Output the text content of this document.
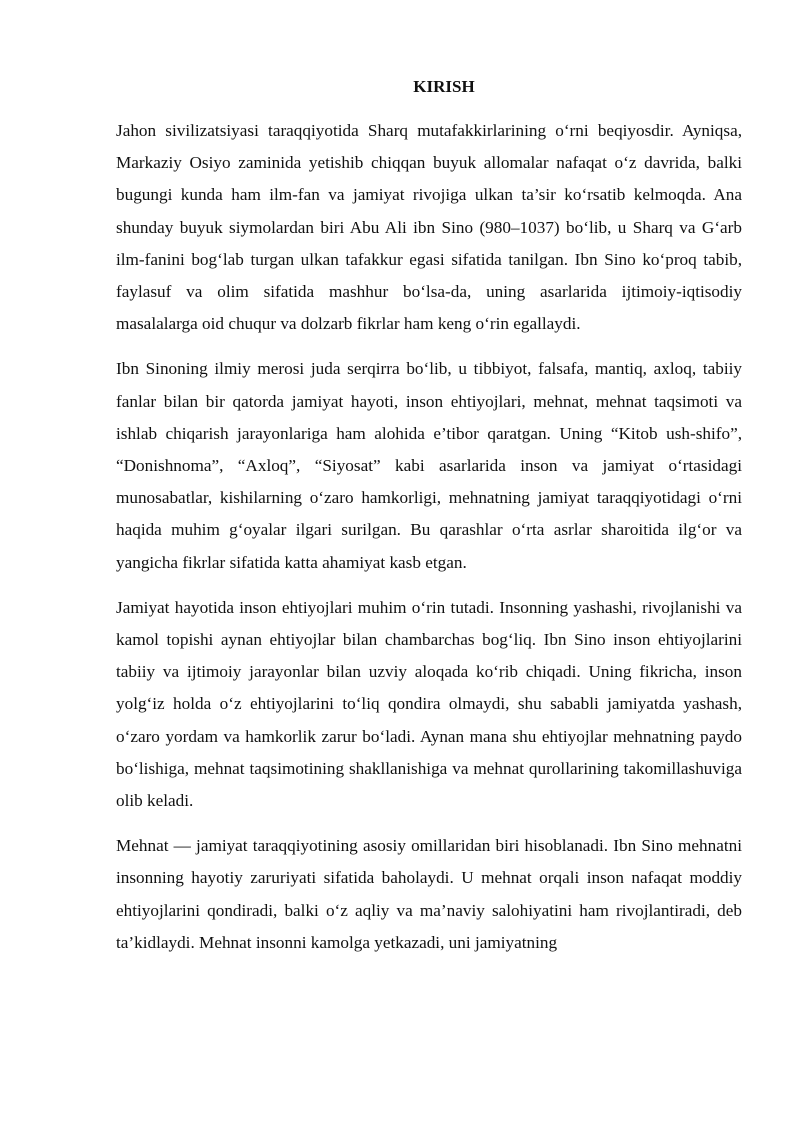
KIRISH

Jahon sivilizatsiyasi taraqqiyotida Sharq mutafakkirlarining o‘rni beqiyosdir. Ayniqsa, Markaziy Osiyo zaminida yetishib chiqqan buyuk allomalar nafaqat o‘z davrida, balki bugungi kunda ham ilm-fan va jamiyat rivojiga ulkan ta’sir ko‘rsatib kelmoqda. Ana shunday buyuk siymolardan biri Abu Ali ibn Sino (980–1037) bo‘lib, u Sharq va G‘arb ilm-fanini bog‘lab turgan ulkan tafakkur egasi sifatida tanilgan. Ibn Sino ko‘proq tabib, faylasuf va olim sifatida mashhur bo‘lsa-da, uning asarlarida ijtimoiy-iqtisodiy masalalarga oid chuqur va dolzarb fikrlar ham keng o‘rin egallaydi.

Ibn Sinoning ilmiy merosi juda serqirra bo‘lib, u tibbiyot, falsafa, mantiq, axloq, tabiiy fanlar bilan bir qatorda jamiyat hayoti, inson ehtiyojlari, mehnat, mehnat taqsimoti va ishlab chiqarish jarayonlariga ham alohida e’tibor qaratgan. Uning “Kitob ush-shifo”, “Donishnoma”, “Axloq”, “Siyosat” kabi asarlarida inson va jamiyat o‘rtasidagi munosabatlar, kishilarning o‘zaro hamkorligi, mehnatning jamiyat taraqqiyotidagi o‘rni haqida muhim g‘oyalar ilgari surilgan. Bu qarashlar o‘rta asrlar sharoitida ilg‘or va yangicha fikrlar sifatida katta ahamiyat kasb etgan.

Jamiyat hayotida inson ehtiyojlari muhim o‘rin tutadi. Insonning yashashi, rivojlanishi va kamol topishi aynan ehtiyojlar bilan chambarchas bog‘liq. Ibn Sino inson ehtiyojlarini tabiiy va ijtimoiy jarayonlar bilan uzviy aloqada ko‘rib chiqadi. Uning fikricha, inson yolg‘iz holda o‘z ehtiyojlarini to‘liq qondira olmaydi, shu sababli jamiyatda yashash, o‘zaro yordam va hamkorlik zarur bo‘ladi. Aynan mana shu ehtiyojlar mehnatning paydo bo‘lishiga, mehnat taqsimotining shakllanishiga va mehnat qurollarining takomillashuviga olib keladi.

Mehnat — jamiyat taraqqiyotining asosiy omillaridan biri hisoblanadi. Ibn Sino mehnatni insonning hayotiy zaruriyati sifatida baholaydi. U mehnat orqali inson nafaqat moddiy ehtiyojlarini qondiradi, balki o‘z aqliy va ma’naviy salohiyatini ham rivojlantiradi, deb ta’kidlaydi. Mehnat insonni kamolga yetkazadi, uni jamiyatning
